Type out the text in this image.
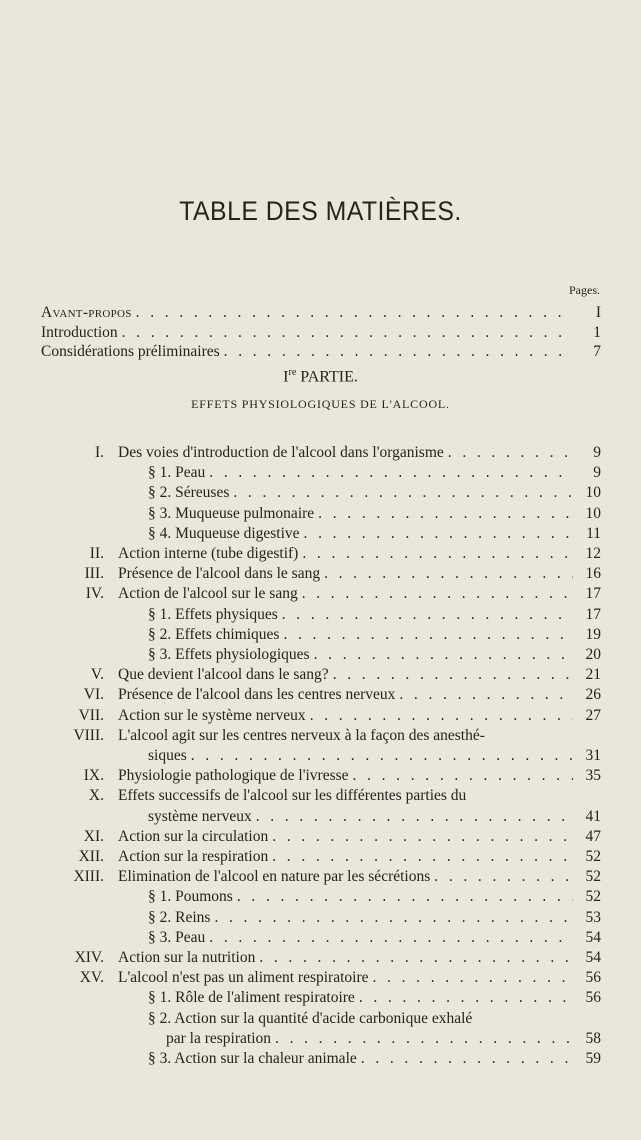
TABLE DES MATIÈRES.
Pages.
Avant-propos . . .	I
Introduction . . .	1
Considérations préliminaires . . .	7
Ire PARTIE.
EFFETS PHYSIOLOGIQUES DE L'ALCOOL.
I. Des voies d'introduction de l'alcool dans l'organisme . . .	9
§ 1. Peau . . .	9
§ 2. Séreuses . . .	10
§ 3. Muqueuse pulmonaire . . .	10
§ 4. Muqueuse digestive . . .	11
II. Action interne (tube digestif) . . .	12
III. Présence de l'alcool dans le sang . . .	16
IV. Action de l'alcool sur le sang . . .	17
§ 1. Effets physiques . . .	17
§ 2. Effets chimiques . . .	19
§ 3. Effets physiologiques . . .	20
V. Que devient l'alcool dans le sang? . . .	21
VI. Présence de l'alcool dans les centres nerveux . . .	26
VII. Action sur le système nerveux . . .	27
VIII. L'alcool agit sur les centres nerveux à la façon des anesthé-
siques . . .	31
IX. Physiologie pathologique de l'ivresse . . .	35
X. Effets successifs de l'alcool sur les différentes parties du
système nerveux . . .	41
XI. Action sur la circulation . . .	47
XII. Action sur la respiration . . .	52
XIII. Elimination de l'alcool en nature par les sécrétions . . .	52
§ 1. Poumons . . .	52
§ 2. Reins . . .	53
§ 3. Peau . . .	54
XIV. Action sur la nutrition . . .	54
XV. L'alcool n'est pas un aliment respiratoire . . .	56
§ 1. Rôle de l'aliment respiratoire . . .	56
§ 2. Action sur la quantité d'acide carbonique exhalé
par la respiration . . .	58
§ 3. Action sur la chaleur animale . . .	59
